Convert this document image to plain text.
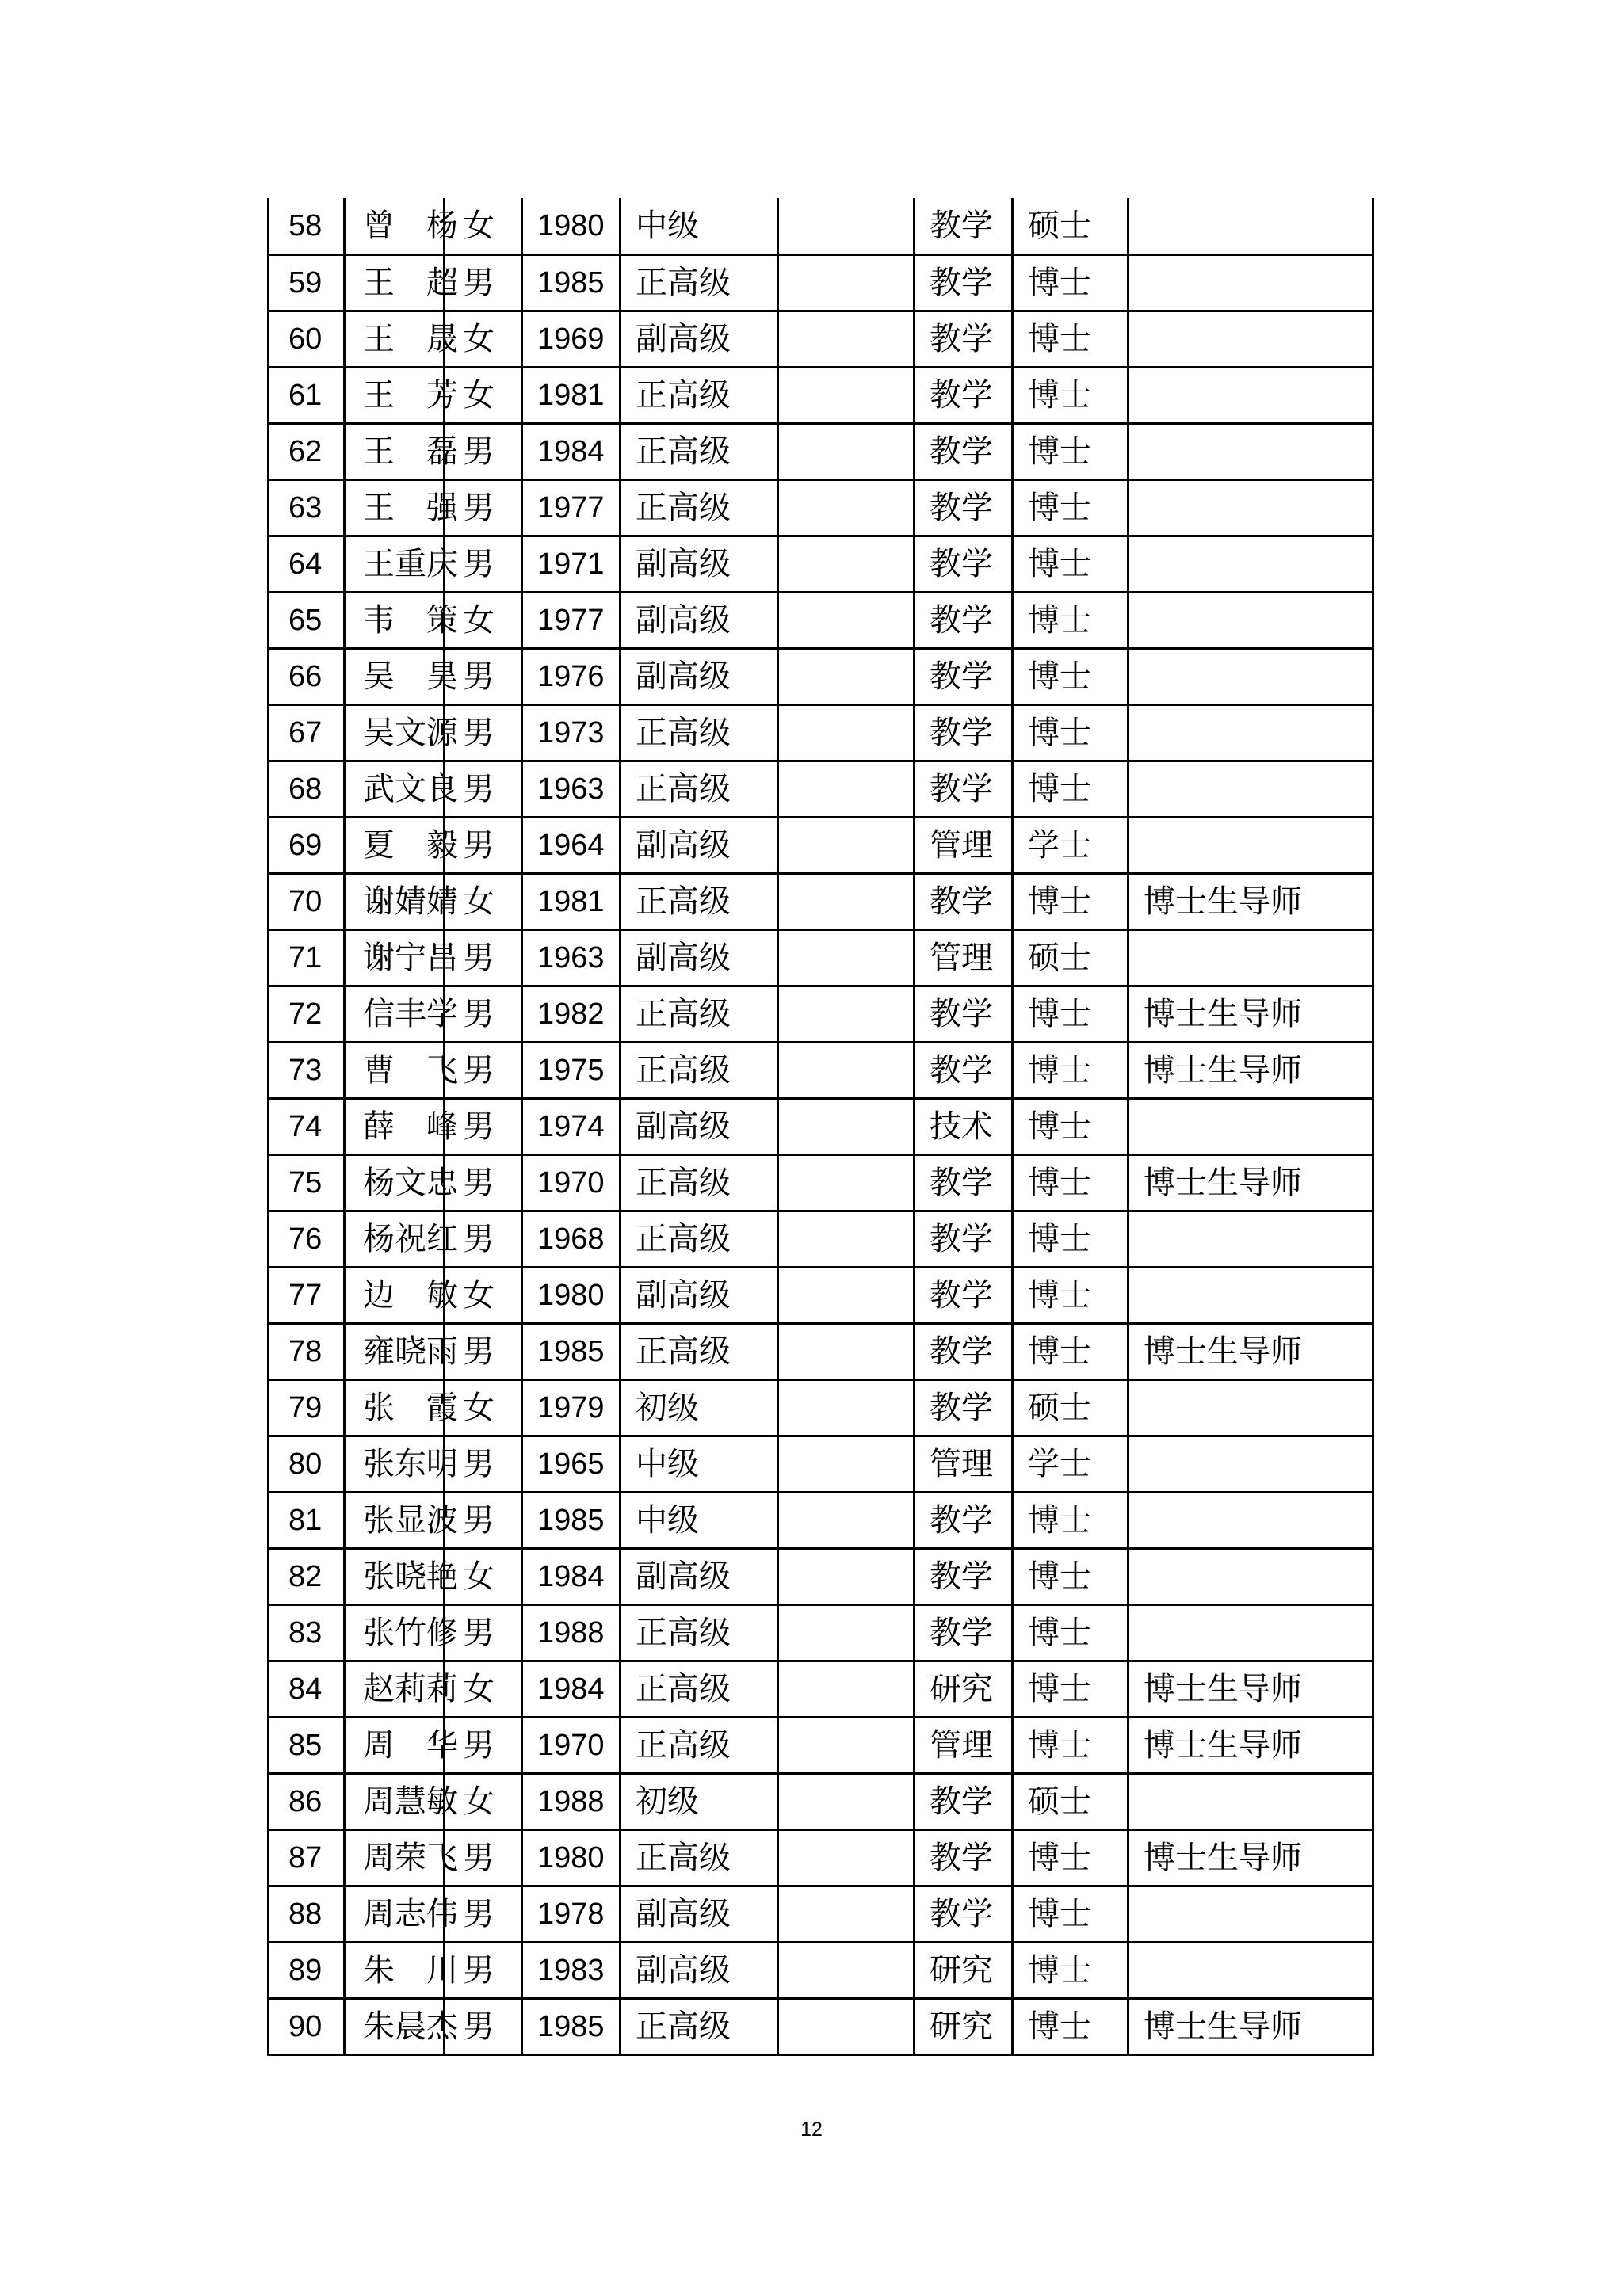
58	曾　杨	女	1980	中级		教学	硕士	
59	王　超	男	1985	正高级		教学	博士	
60	王　晟	女	1969	副高级		教学	博士	
61	王　芳	女	1981	正高级		教学	博士	
62	王　磊	男	1984	正高级		教学	博士	
63	王　强	男	1977	正高级		教学	博士	
64	王重庆	男	1971	副高级		教学	博士	
65	韦　策	女	1977	副高级		教学	博士	
66	吴　昊	男	1976	副高级		教学	博士	
67	吴文源	男	1973	正高级		教学	博士	
68	武文良	男	1963	正高级		教学	博士	
69	夏　毅	男	1964	副高级		管理	学士	
70	谢婧婧	女	1981	正高级		教学	博士	博士生导师
71	谢宁昌	男	1963	副高级		管理	硕士	
72	信丰学	男	1982	正高级		教学	博士	博士生导师
73	曹　飞	男	1975	正高级		教学	博士	博士生导师
74	薛　峰	男	1974	副高级		技术	博士	
75	杨文忠	男	1970	正高级		教学	博士	博士生导师
76	杨祝红	男	1968	正高级		教学	博士	
77	边　敏	女	1980	副高级		教学	博士	
78	雍晓雨	男	1985	正高级		教学	博士	博士生导师
79	张　霞	女	1979	初级		教学	硕士	
80	张东明	男	1965	中级		管理	学士	
81	张显波	男	1985	中级		教学	博士	
82	张晓艳	女	1984	副高级		教学	博士	
83	张竹修	男	1988	正高级		教学	博士	
84	赵莉莉	女	1984	正高级		研究	博士	博士生导师
85	周　华	男	1970	正高级		管理	博士	博士生导师
86	周慧敏	女	1988	初级		教学	硕士	
87	周荣飞	男	1980	正高级		教学	博士	博士生导师
88	周志伟	男	1978	副高级		教学	博士	
89	朱　川	男	1983	副高级		研究	博士	
90	朱晨杰	男	1985	正高级		研究	博士	博士生导师
12
